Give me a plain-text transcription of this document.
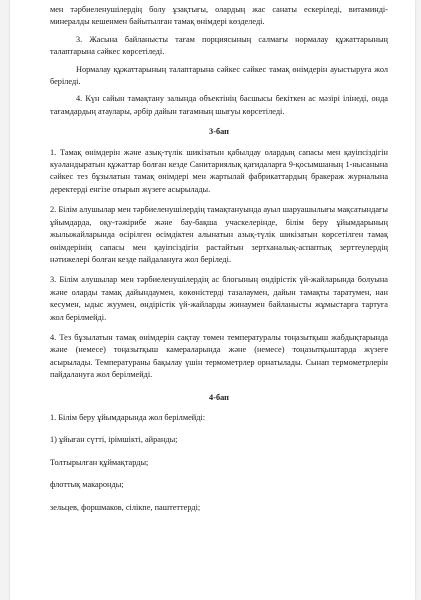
мен тәрбиеленушілердің болу ұзақтығы, олардың жас санаты ескеріледі, витаминді-минералды кешенмен байытылған тамақ өнімдері көзделеді.

3. Жасына байланысты тағам порциясының салмағы нормалау құжаттарының талаптарына сәйкес көрсетіледі.

Нормалау құжаттарының талаптарына сәйкес сәйкес тамақ өнімдерін ауыстыруға жол беріледі.

4. Күн сайын тамақтану залында объектінің басшысы бекіткен ас мәзірі ілінеді, онда тағамдардың атаулары, әрбір дайын тағамның шығуы көрсетіледі.

3-бап

1. Тамақ өнімдерін және азық-түлік шикізатын қабылдау олардың сапасы мен қауіпсіздігін куәландыратын құжаттар болған кезде Санитариялық қағидаларға 9-қосымшаның 1-нысанына сәйкес тез бұзылатын тамақ өнімдері мен жартылай фабрикаттардың бракераж журналына деректерді енгізе отырып жүзеге асырылады.

2. Білім алушылар мен тәрбиеленушілердің тамақтануында ауыл шаруашылығы мақсатындағы ұйымдарда, оқу-тәжірибе және бау-бақша учаскелерінде, білім беру ұйымдарының жылыжайларында өсірілген өсімдіктен алынатын азық-түлік шикізатын көрсетілген тамақ өнімдерінің сапасы мен қауіпсіздігін растайтын зертханалық-аспаптық зерттеулердің нәтижелері болған кезде пайдалануға жол беріледі.

3. Білім алушылар мен тәрбиеленушілердің ас блогының өндірістік үй-жайларында болуына және оларды тамақ дайындаумен, көкөністерді тазалаумен, дайын тамақты таратумен, нан кесумен, ыдыс жуумен, өндірістік үй-жайларды жинаумен байланысты жұмыстарға тартуға жол берілмейді.

4. Тез бұзылатын тамақ өнімдерін сақтау төмен температуралы тоңазытқыш жабдықтарында және (немесе) тоңазытқыш камераларында және (немесе) тоңазытқыштарда жүзеге асырылады. Температураны бақылау үшін термометрлер орнатылады. Сынап термометрлерін пайдалануға жол берілмейді.

4-бап

1. Білім беру ұйымдарында жол берілмейді:

1) ұйыған сүтті, ірімшікті, айранды;

Толтырылған құймақтарды;

флоттық макаронды;

зельцев, форшмаков, сілікпе, паштеттерді;
